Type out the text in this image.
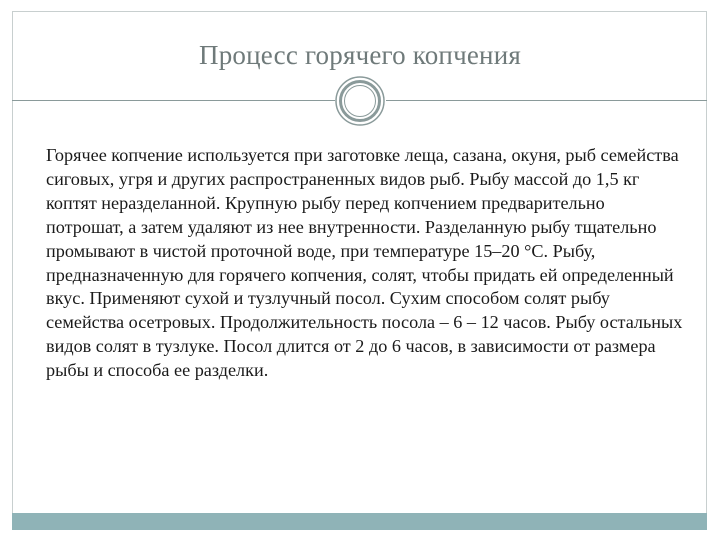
Процесс горячего копчения

Горячее копчение используется при заготовке леща, сазана, окуня, рыб семейства сиговых, угря и других распространенных видов рыб. Рыбу массой до 1,5 кг коптят неразделанной. Крупную рыбу перед копчением предварительно потрошат, а затем удаляют из нее внутренности. Разделанную рыбу тщательно промывают в чистой проточной воде, при температуре 15–20 °С. Рыбу, предназначенную для горячего копчения, солят, чтобы придать ей определенный вкус. Применяют сухой и тузлучный посол. Сухим способом солят рыбу семейства осетровых. Продолжительность посола – 6 – 12 часов. Рыбу остальных видов солят в тузлуке. Посол длится от 2 до 6 часов, в зависимости от размера рыбы и способа ее разделки.
